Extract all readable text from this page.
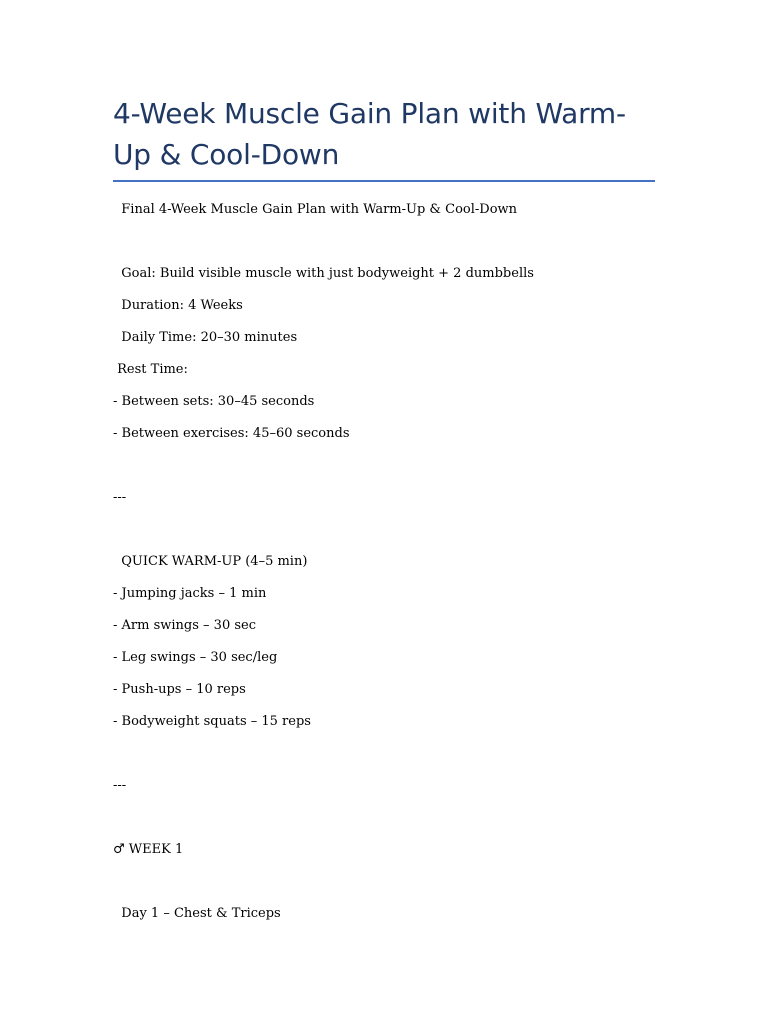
4-Week Muscle Gain Plan with Warm-Up & Cool-Down
Final 4-Week Muscle Gain Plan with Warm-Up & Cool-Down
Goal: Build visible muscle with just bodyweight + 2 dumbbells
Duration: 4 Weeks
Daily Time: 20–30 minutes
Rest Time:
- Between sets: 30–45 seconds
- Between exercises: 45–60 seconds
---
QUICK WARM-UP (4–5 min)
- Jumping jacks – 1 min
- Arm swings – 30 sec
- Leg swings – 30 sec/leg
- Push-ups – 10 reps
- Bodyweight squats – 15 reps
---
♂ WEEK 1
Day 1 – Chest & Triceps
